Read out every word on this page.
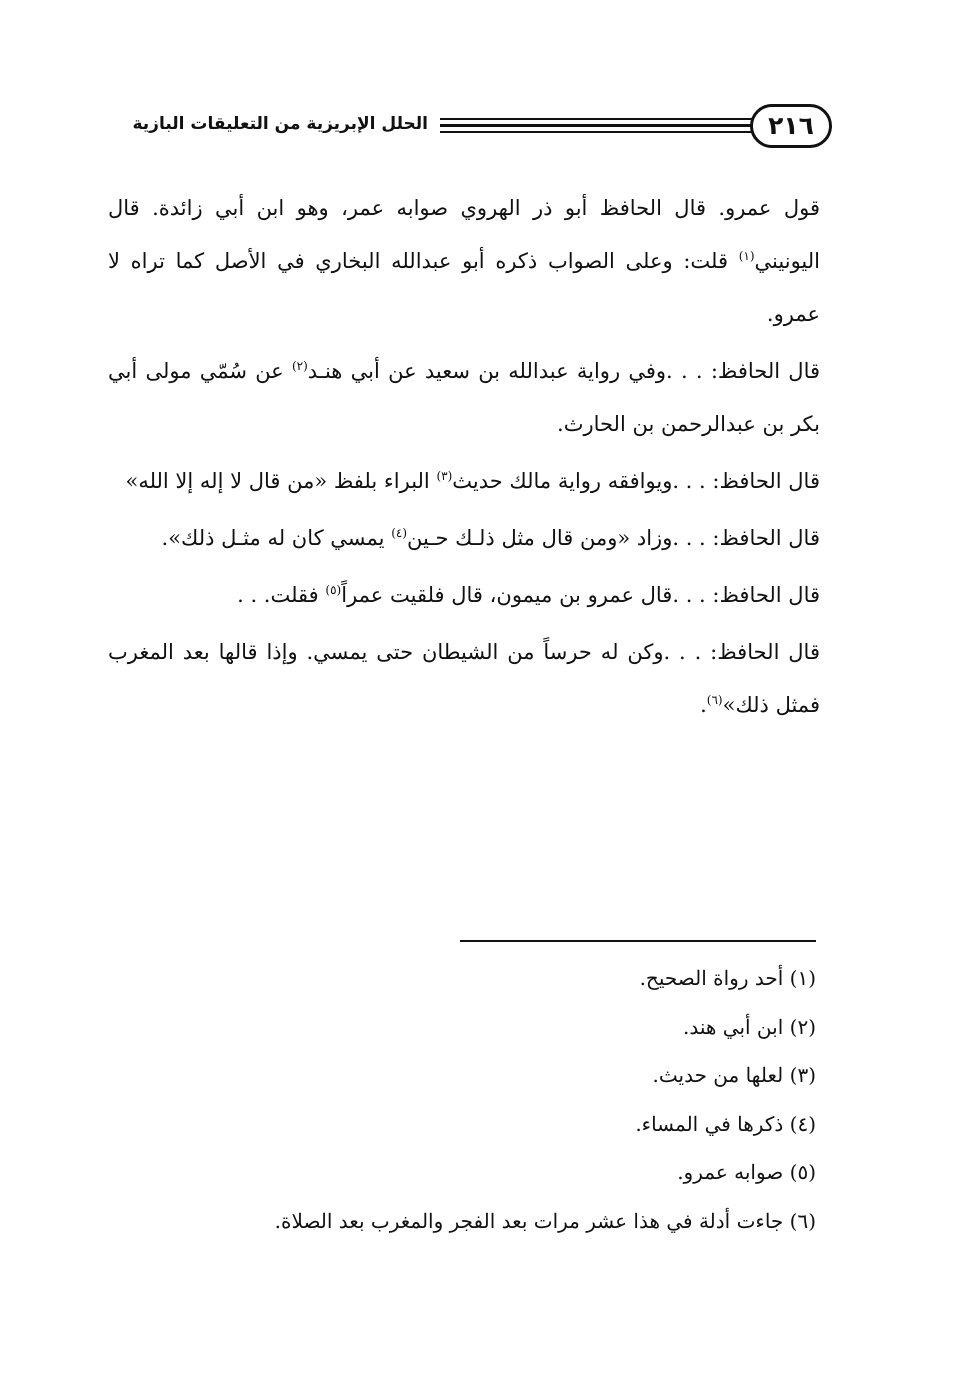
٢١٦
الحلل الإبريزية من التعليقات البازية

قول عمرو. قال الحافظ أبو ذر الهروي صوابه عمر، وهو ابن أبي زائدة. قال اليونيني$^{(١)}$ قلت: وعلى الصواب ذكره أبو عبدالله البخاري في الأصل كما تراه لا عمرو.

قال الحافظ: . . .وفي رواية عبدالله بن سعيد عن أبي هنـد$^{(٢)}$ عن سُمّي مولى أبي بكر بن عبدالرحمن بن الحارث.

قال الحافظ: . . .ويوافقه رواية مالك حديث$^{(٣)}$ البراء بلفظ «من قال لا إله إلا الله»

قال الحافظ: . . .وزاد «ومن قال مثل ذلـك حـين$^{(٤)}$ يمسي كان له مثـل ذلك».

قال الحافظ: . . .قال عمرو بن ميمون، قال فلقيت عمراً$^{(٥)}$ فقلت. . .

قال الحافظ: . . .وكن له حرساً من الشيطان حتى يمسي. وإذا قالها بعد المغرب فمثل ذلك»$^{(٦)}$.

(١) أحد رواة الصحيح.
(٢) ابن أبي هند.
(٣) لعلها من حديث.
(٤) ذكرها في المساء.
(٥) صوابه عمرو.
(٦) جاءت أدلة في هذا عشر مرات بعد الفجر والمغرب بعد الصلاة.
